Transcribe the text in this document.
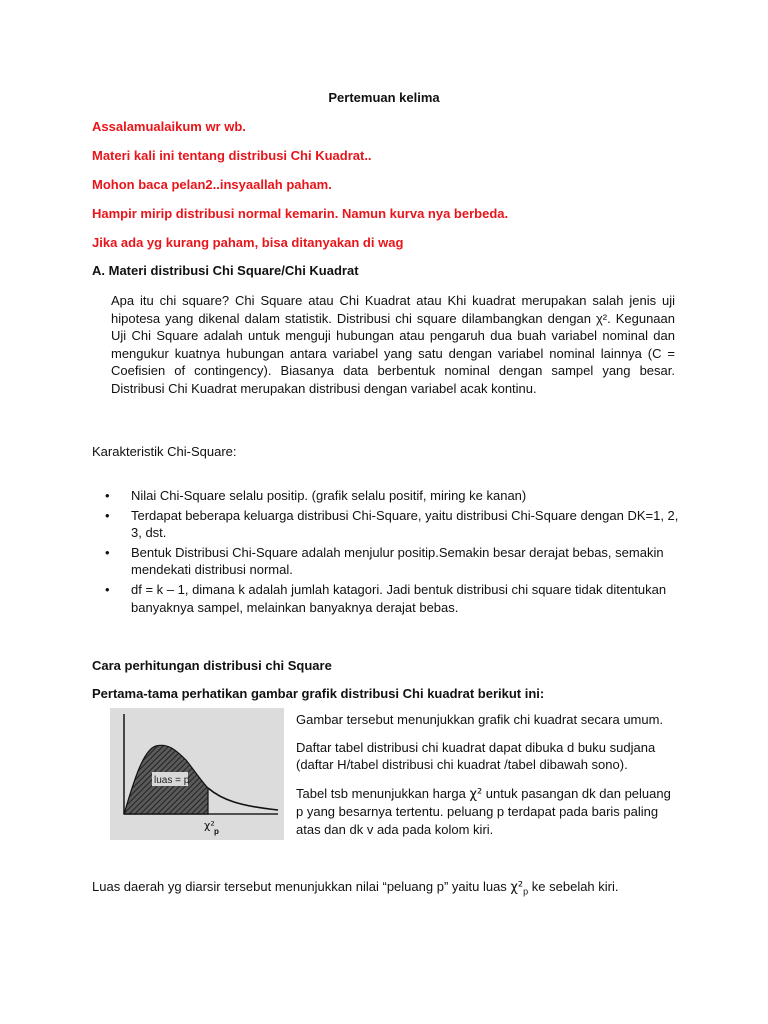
Pertemuan kelima
Assalamualaikum wr wb.
Materi kali ini tentang distribusi Chi Kuadrat..
Mohon baca pelan2..insyaallah paham.
Hampir mirip distribusi normal kemarin. Namun kurva nya berbeda.
Jika ada yg kurang paham, bisa ditanyakan di wag
A. Materi distribusi Chi Square/Chi Kuadrat
Apa itu chi square? Chi Square atau Chi Kuadrat atau Khi kuadrat merupakan salah jenis uji hipotesa yang dikenal dalam statistik. Distribusi chi square dilambangkan dengan χ². Kegunaan Uji Chi Square adalah untuk menguji hubungan atau pengaruh dua buah variabel nominal dan mengukur kuatnya hubungan antara variabel yang satu dengan variabel nominal lainnya (C = Coefisien of contingency). Biasanya data berbentuk nominal dengan sampel yang besar. Distribusi Chi Kuadrat merupakan distribusi dengan variabel acak kontinu.
Karakteristik Chi-Square:
• Nilai Chi-Square selalu positip. (grafik selalu positif, miring ke kanan)
• Terdapat beberapa keluarga distribusi Chi-Square, yaitu distribusi Chi-Square dengan DK=1, 2, 3, dst.
• Bentuk Distribusi Chi-Square adalah menjulur positip.Semakin besar derajat bebas, semakin mendekati distribusi normal.
• df = k – 1, dimana k adalah jumlah katagori. Jadi bentuk distribusi chi square tidak ditentukan banyaknya sampel, melainkan banyaknya derajat bebas.
Cara perhitungan distribusi chi Square
Pertama-tama perhatikan gambar grafik distribusi Chi kuadrat berikut ini:
luas = p
χ² p
Gambar tersebut menunjukkan grafik chi kuadrat secara umum.
Daftar tabel distribusi chi kuadrat dapat dibuka d buku sudjana (daftar H/tabel distribusi chi kuadrat /tabel dibawah sono).
Tabel tsb menunjukkan harga χ² untuk pasangan dk dan peluang p yang besarnya tertentu. peluang p terdapat pada baris paling atas dan dk v ada pada kolom kiri.
Luas daerah yg diarsir tersebut menunjukkan nilai “peluang p” yaitu luas $\chi^2_p$ ke sebelah kiri.
